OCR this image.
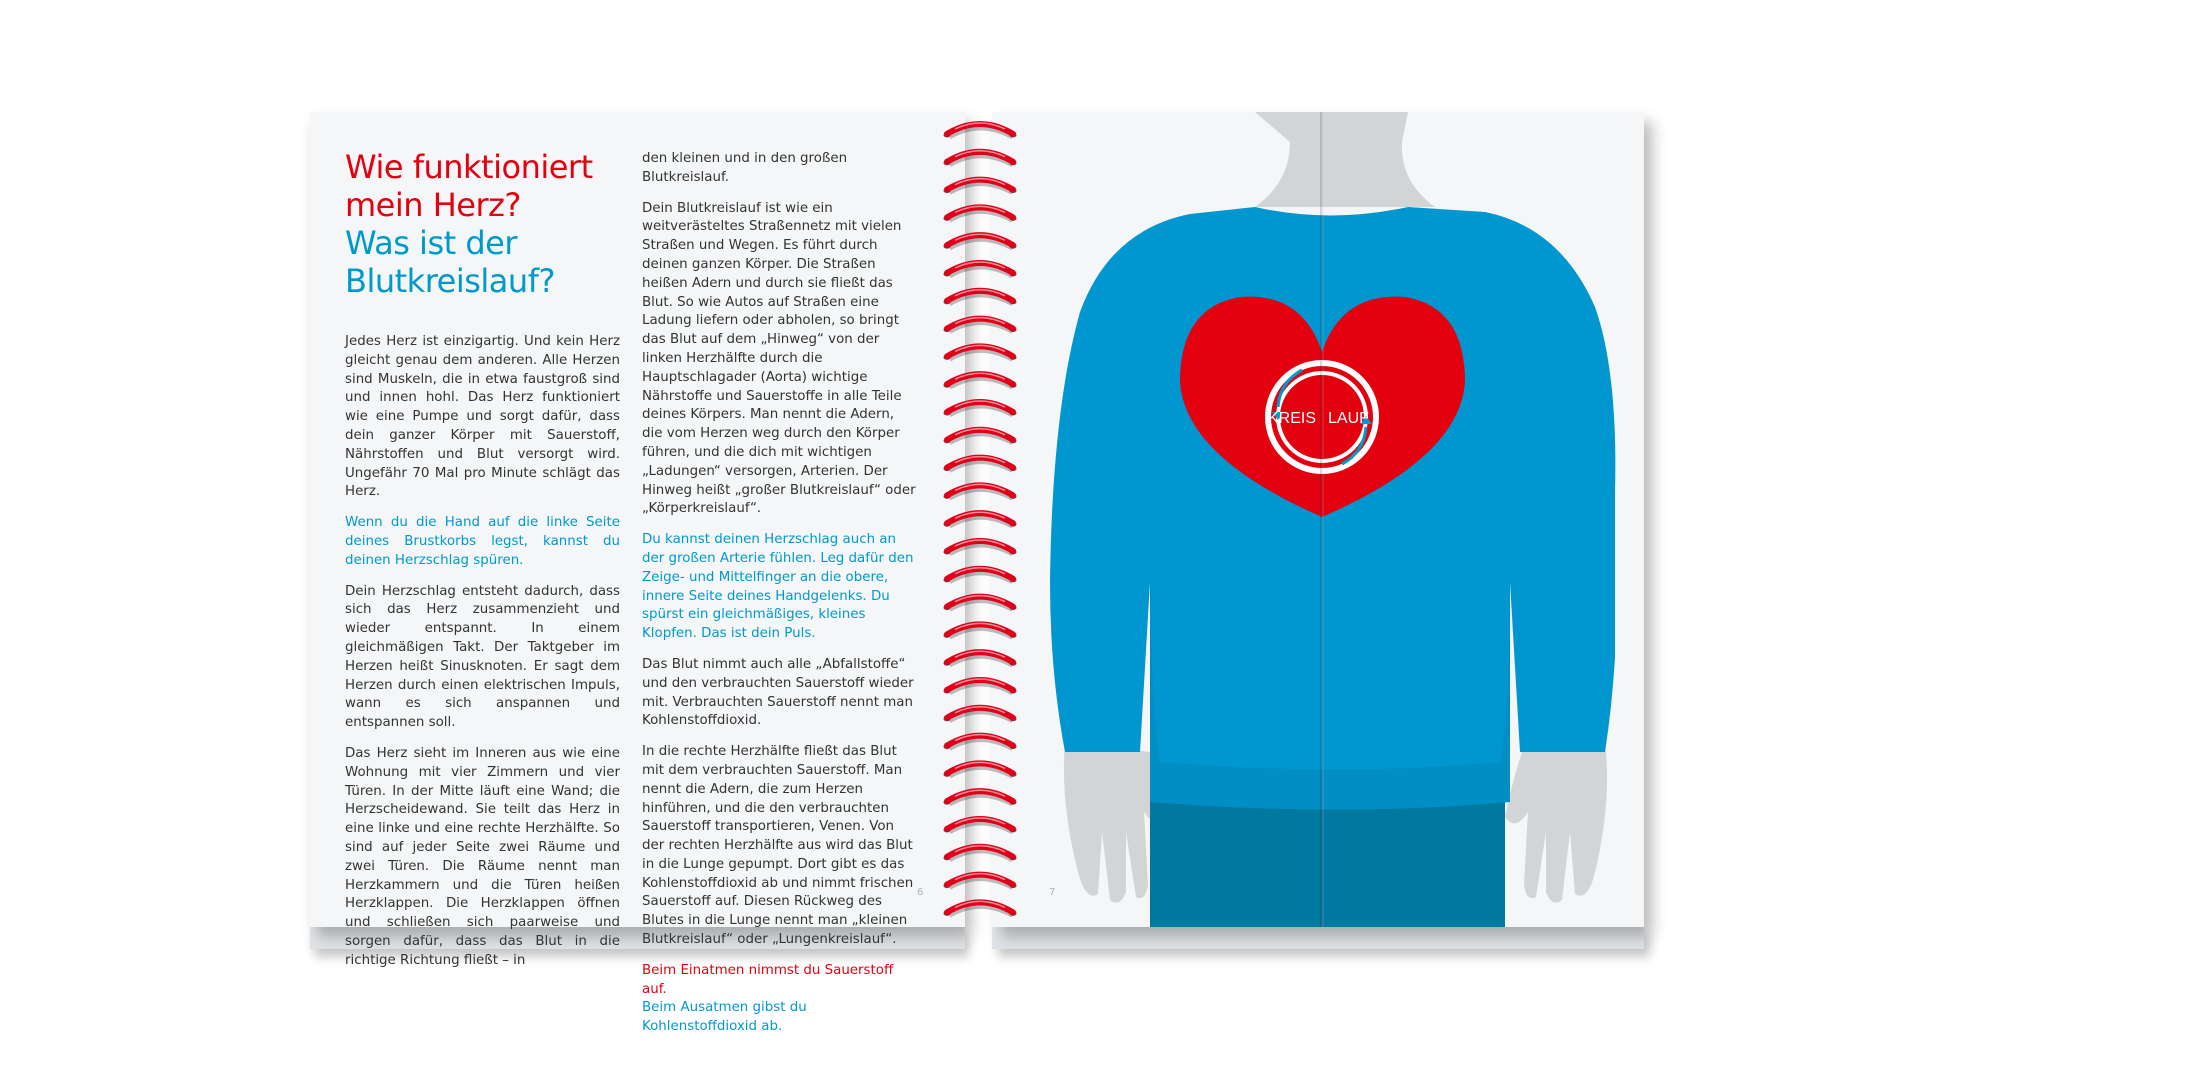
Wie funktioniert
mein Herz?
Was ist der
Blutkreislauf?

Jedes Herz ist einzigartig. Und kein Herz gleicht genau dem anderen. Alle Herzen sind Muskeln, die in etwa faustgroß sind und innen hohl. Das Herz funktioniert wie eine Pumpe und sorgt dafür, dass dein ganzer Körper mit Sauerstoff, Nährstoffen und Blut versorgt wird. Ungefähr 70 Mal pro Minute schlägt das Herz.

Wenn du die Hand auf die linke Seite deines Brustkorbs legst, kannst du deinen Herzschlag spüren.

Dein Herzschlag entsteht dadurch, dass sich das Herz zusammenzieht und wieder entspannt. In einem gleichmäßigen Takt. Der Taktgeber im Herzen heißt Sinusknoten. Er sagt dem Herzen durch einen elektrischen Impuls, wann es sich anspannen und entspannen soll.

Das Herz sieht im Inneren aus wie eine Wohnung mit vier Zimmern und vier Türen. In der Mitte läuft eine Wand; die Herzscheidewand. Sie teilt das Herz in eine linke und eine rechte Herzhälfte. So sind auf jeder Seite zwei Räume und zwei Türen. Die Räume nennt man Herzkammern und die Türen heißen Herzklappen. Die Herzklappen öffnen und schließen sich paarweise und sorgen dafür, dass das Blut in die richtige Richtung fließt – in

den kleinen und in den großen Blutkreislauf.

Dein Blutkreislauf ist wie ein weitverästeltes Straßennetz mit vielen Straßen und Wegen. Es führt durch deinen ganzen Körper. Die Straßen heißen Adern und durch sie fließt das Blut. So wie Autos auf Straßen eine Ladung liefern oder abholen, so bringt das Blut auf dem „Hinweg“ von der linken Herzhälfte durch die Hauptschlagader (Aorta) wichtige Nährstoffe und Sauerstoffe in alle Teile deines Körpers. Man nennt die Adern, die vom Herzen weg durch den Körper führen, und die dich mit wichtigen „Ladungen“ versorgen, Arterien. Der Hinweg heißt „großer Blutkreislauf“ oder „Körperkreislauf“.

Du kannst deinen Herzschlag auch an der großen Arterie fühlen. Leg dafür den Zeige- und Mittelfinger an die obere, innere Seite deines Handgelenks. Du spürst ein gleichmäßiges, kleines Klopfen. Das ist dein Puls.

Das Blut nimmt auch alle „Abfallstoffe“ und den verbrauchten Sauerstoff wieder mit. Verbrauchten Sauerstoff nennt man Kohlenstoffdioxid.

In die rechte Herzhälfte fließt das Blut mit dem verbrauchten Sauerstoff. Man nennt die Adern, die zum Herzen hinführen, und die den verbrauchten Sauerstoff transportieren, Venen. Von der rechten Herzhälfte aus wird das Blut in die Lunge gepumpt. Dort gibt es das Kohlenstoffdioxid ab und nimmt frischen Sauerstoff auf. Diesen Rückweg des Blutes in die Lunge nennt man „kleinen Blutkreislauf“ oder „Lungenkreislauf“.

Beim Einatmen nimmst du Sauerstoff auf.

Beim Ausatmen gibst du Kohlenstoffdioxid ab.

6	7
KREIS LAUF
